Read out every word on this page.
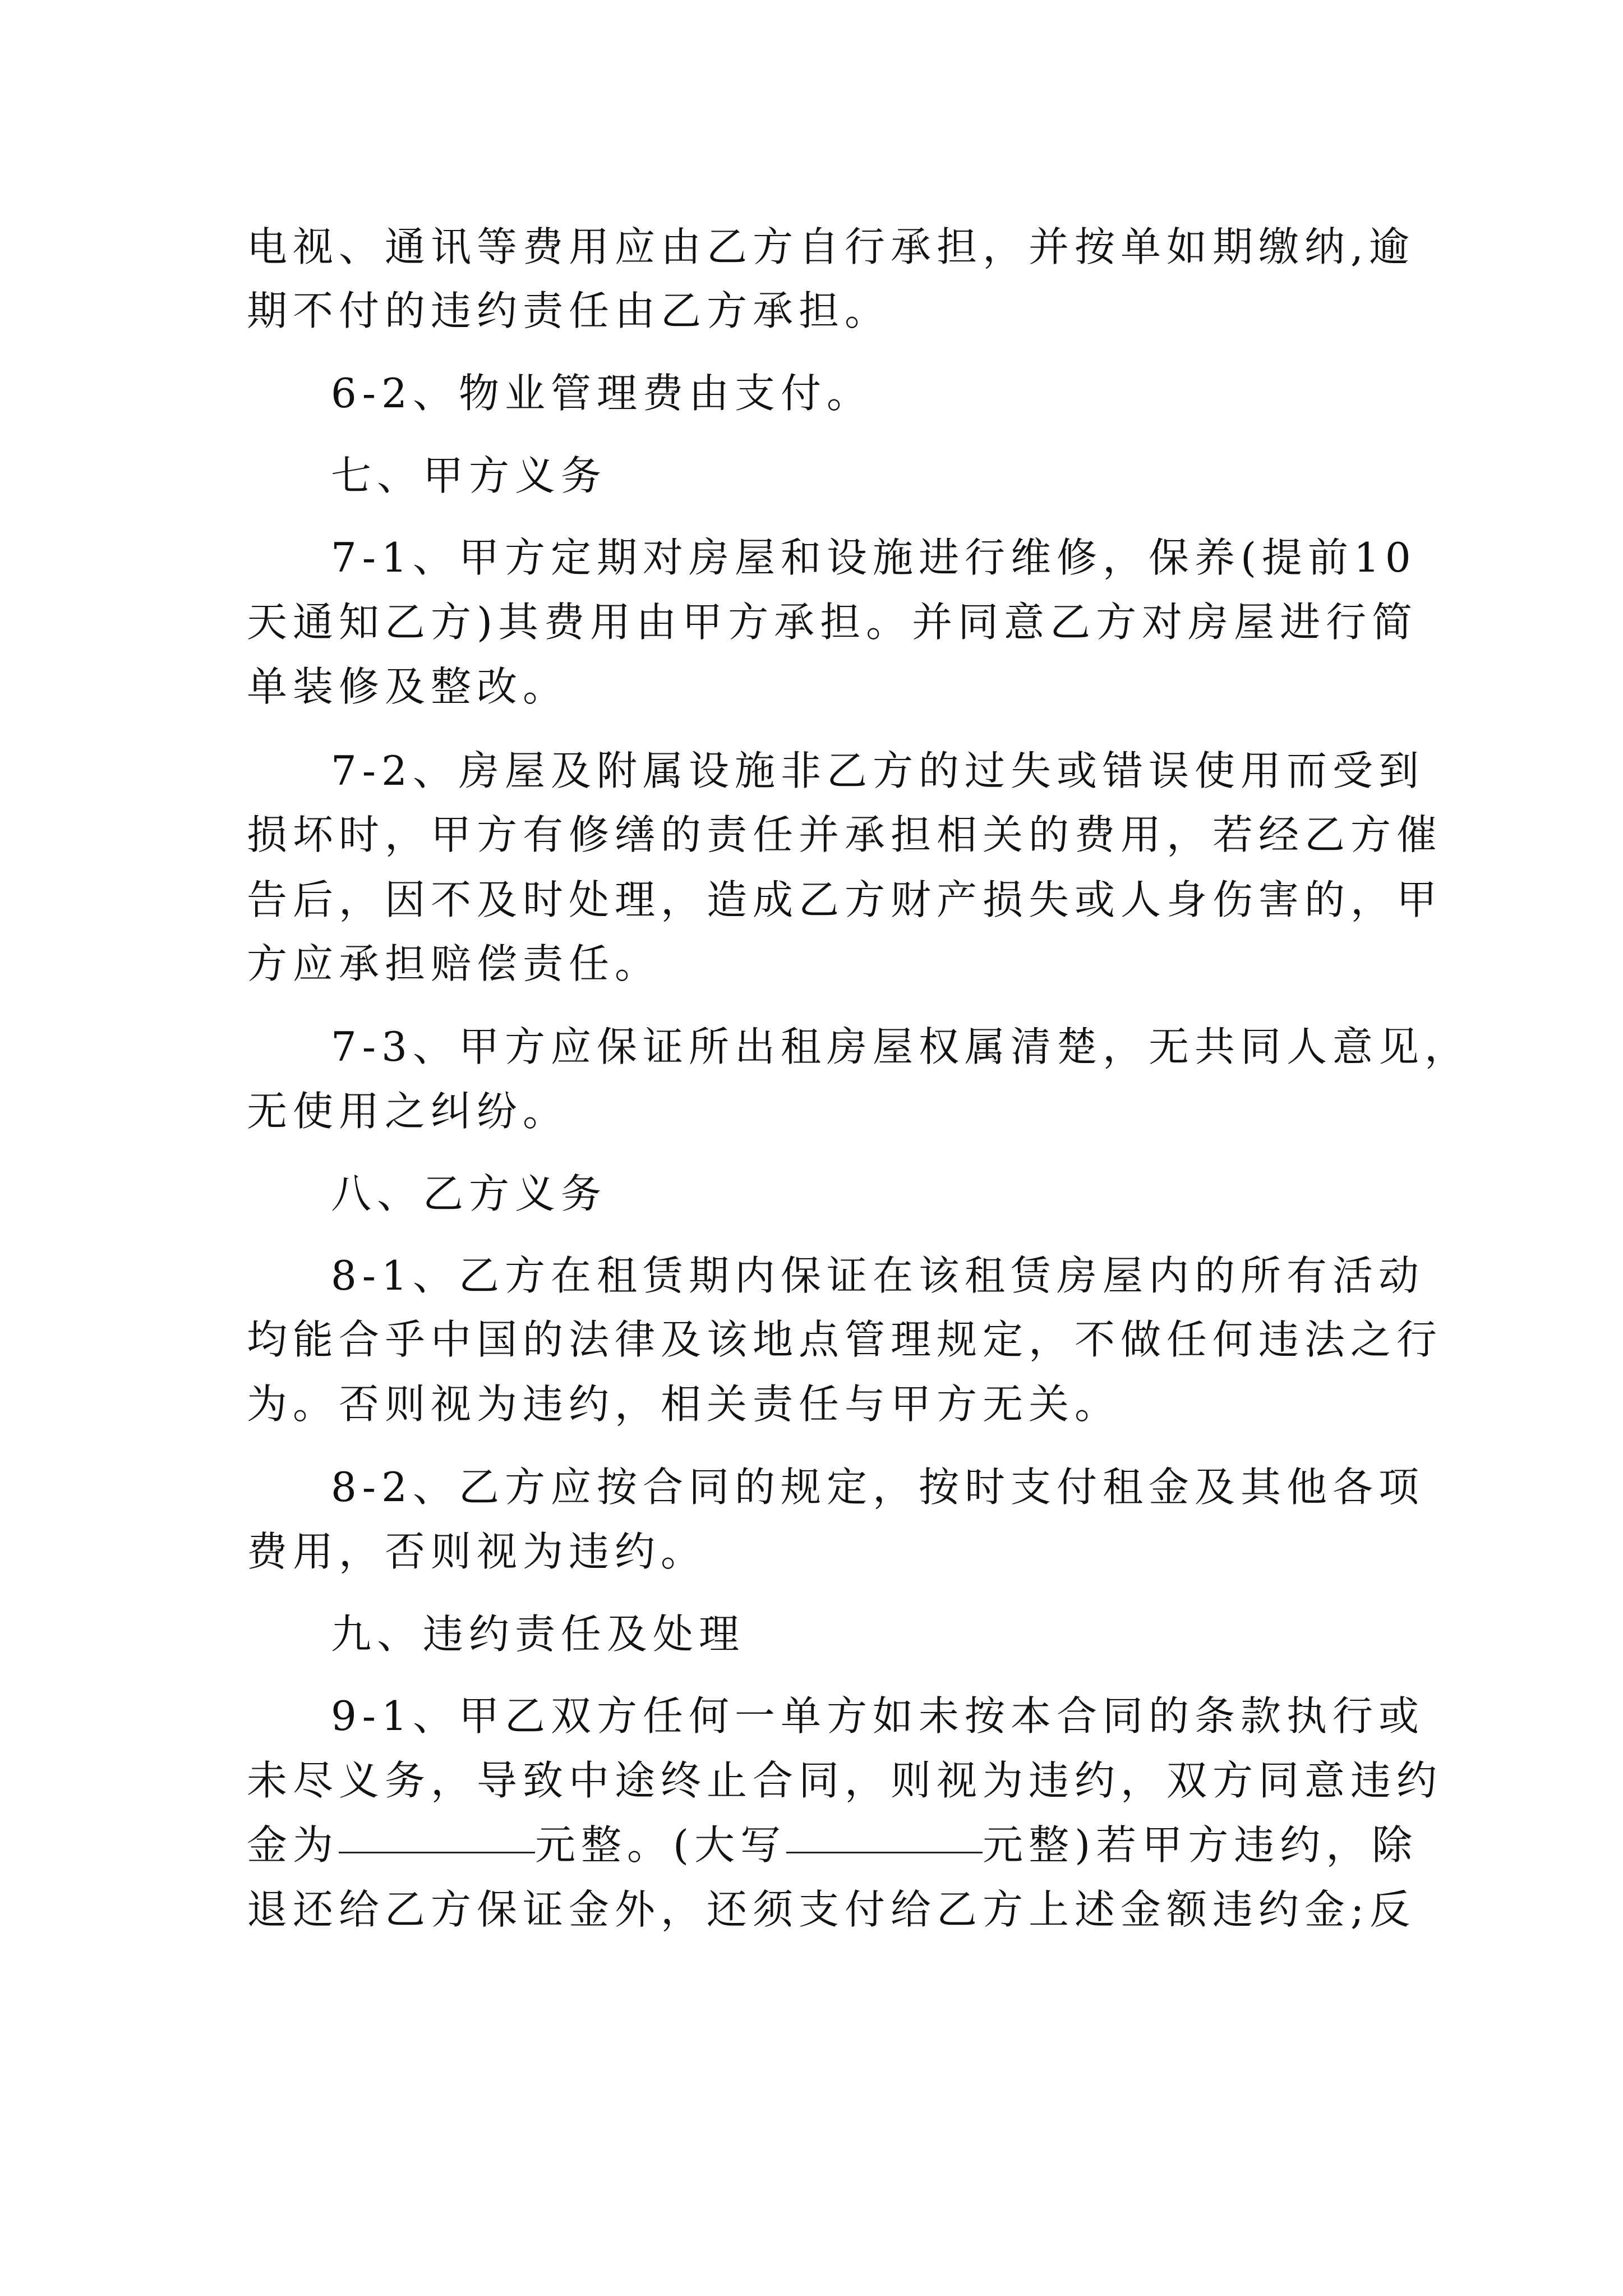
电视、通讯等费用应由乙方自行承担，并按单如期缴纳,逾
期不付的违约责任由乙方承担。
6-2、物业管理费由支付。
七、甲方义务
7-1、甲方定期对房屋和设施进行维修，保养(提前10
天通知乙方)其费用由甲方承担。并同意乙方对房屋进行简
单装修及整改。
7-2、房屋及附属设施非乙方的过失或错误使用而受到
损坏时，甲方有修缮的责任并承担相关的费用，若经乙方催
告后，因不及时处理，造成乙方财产损失或人身伤害的，甲
方应承担赔偿责任。
7-3、甲方应保证所出租房屋权属清楚，无共同人意见，
无使用之纠纷。
八、乙方义务
8-1、乙方在租赁期内保证在该租赁房屋内的所有活动
均能合乎中国的法律及该地点管理规定，不做任何违法之行
为。否则视为违约，相关责任与甲方无关。
8-2、乙方应按合同的规定，按时支付租金及其他各项
费用，否则视为违约。
九、违约责任及处理
9-1、甲乙双方任何一单方如未按本合同的条款执行或
未尽义务，导致中途终止合同，则视为违约，双方同意违约
金为	元整。(大写	元整)若甲方违约，除
退还给乙方保证金外，还须支付给乙方上述金额违约金;反
